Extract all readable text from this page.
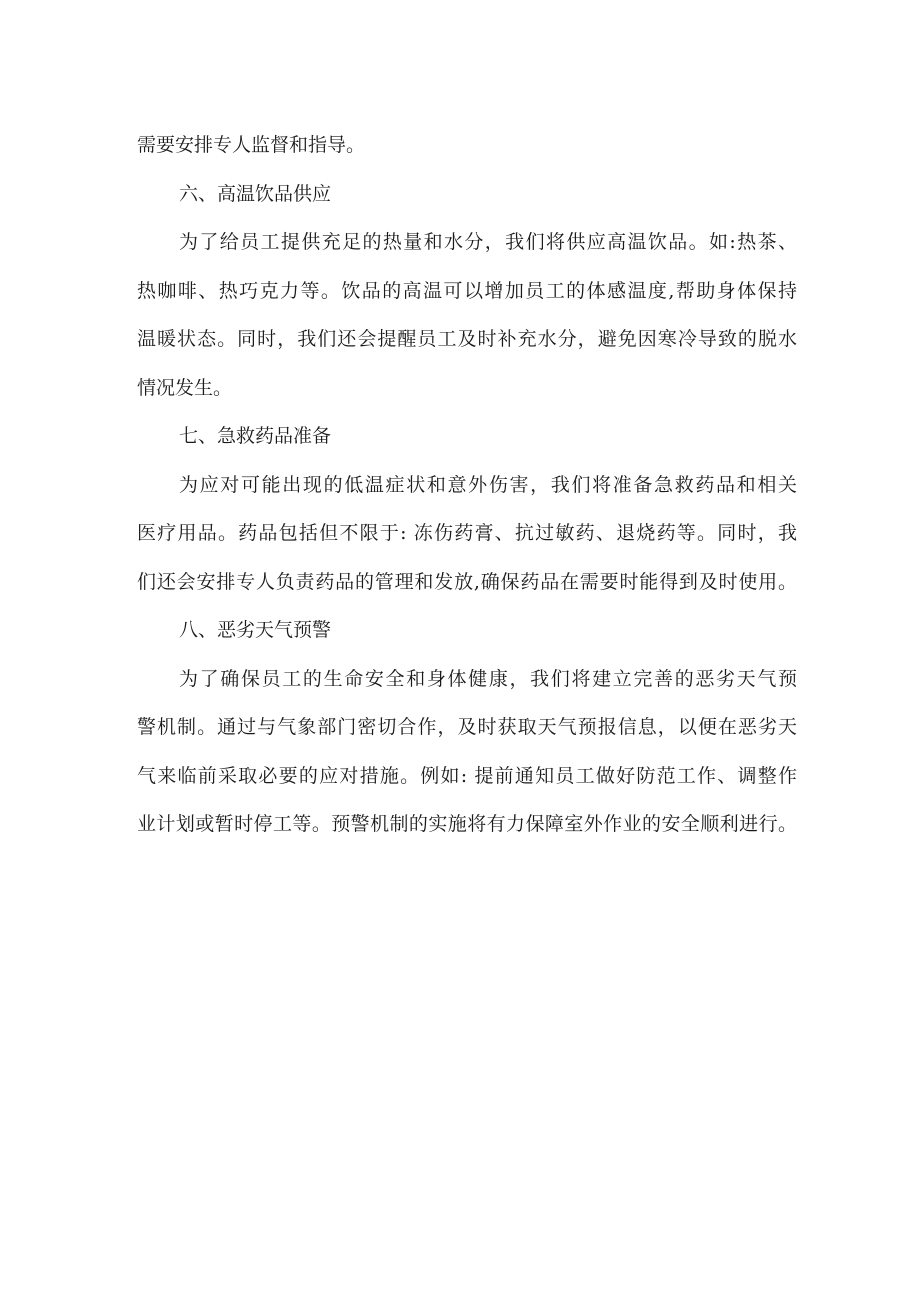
需要安排专人监督和指导。
六、高温饮品供应
为了给员工提供充足的热量和水分，我们将供应高温饮品。如:热茶、
热咖啡、热巧克力等。饮品的高温可以增加员工的体感温度,帮助身体保持
温暖状态。同时，我们还会提醒员工及时补充水分，避免因寒冷导致的脱水
情况发生。
七、急救药品准备
为应对可能出现的低温症状和意外伤害，我们将准备急救药品和相关
医疗用品。药品包括但不限于: 冻伤药膏、抗过敏药、退烧药等。同时，我
们还会安排专人负责药品的管理和发放,确保药品在需要时能得到及时使用。
八、恶劣天气预警
为了确保员工的生命安全和身体健康，我们将建立完善的恶劣天气预
警机制。通过与气象部门密切合作，及时获取天气预报信息，以便在恶劣天
气来临前采取必要的应对措施。例如: 提前通知员工做好防范工作、调整作
业计划或暂时停工等。预警机制的实施将有力保障室外作业的安全顺利进行。
